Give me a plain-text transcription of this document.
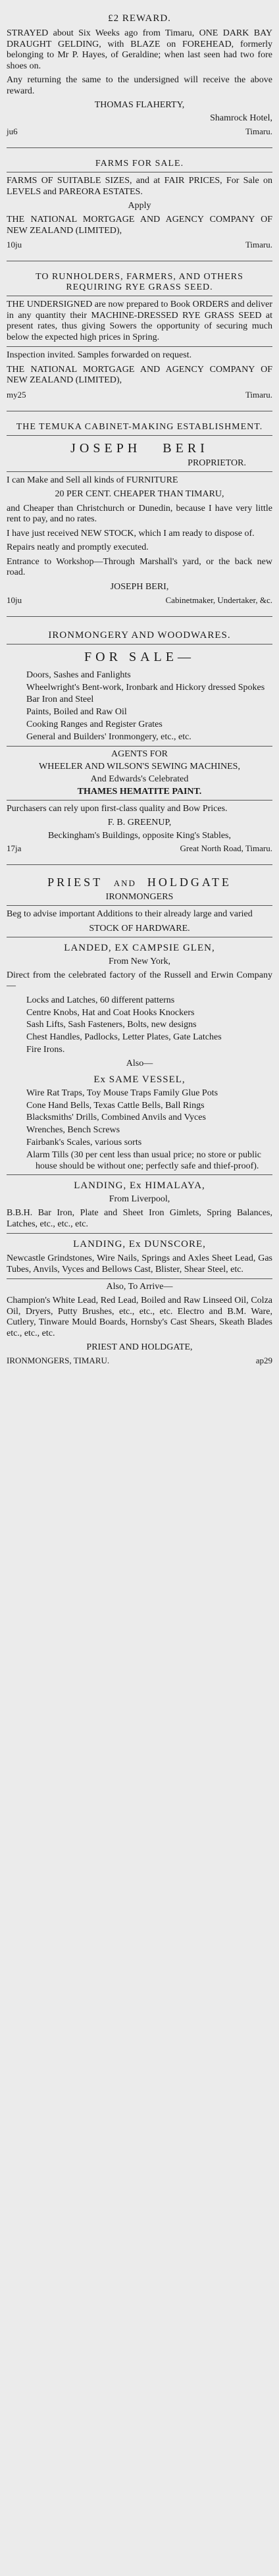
£2 REWARD.

STRAYED about Six Weeks ago from Timaru, ONE DARK BAY DRAUGHT GELDING, with BLAZE on FOREHEAD, formerly belonging to Mr P. Hayes, of Geraldine; when last seen had two fore shoes on.

Any returning the same to the undersigned will receive the above reward.

THOMAS FLAHERTY,
Shamrock Hotel,
ju6	Timaru.
FARMS FOR SALE.

FARMS OF SUITABLE SIZES, and at FAIR PRICES, For Sale on LEVELS and PAREORA ESTATES.

Apply

THE NATIONAL MORTGAGE AND AGENCY COMPANY OF NEW ZEALAND (LIMITED),

10ju	Timaru.
TO RUNHOLDERS, FARMERS, AND OTHERS REQUIRING RYE GRASS SEED.

THE UNDERSIGNED are now prepared to Book ORDERS and deliver in any quantity their MACHINE-DRESSED RYE GRASS SEED at present rates, thus giving Sowers the opportunity of securing much below the expected high prices in Spring.

Inspection invited. Samples forwarded on request.

THE NATIONAL MORTGAGE AND AGENCY COMPANY OF NEW ZEALAND (LIMITED),

my25	Timaru.
THE TEMUKA CABINET-MAKING ESTABLISHMENT.
JOSEPH BERI
PROPRIETOR.

I can Make and Sell all kinds of FURNITURE

20 PER CENT. CHEAPER THAN TIMARU,

and Cheaper than Christchurch or Dunedin, because I have very little rent to pay, and no rates.

I have just received NEW STOCK, which I am ready to dispose of.

Repairs neatly and promptly executed.

Entrance to Workshop—Through Marshall's yard, or the back new road.

JOSEPH BERI,
10ju	Cabinetmaker, Undertaker, &c.
IRONMONGERY AND WOODWARES.
FOR SALE—
Doors, Sashes and Fanlights
Wheelwright's Bent-work, Ironbark and Hickory dressed Spokes
Bar Iron and Steel
Paints, Boiled and Raw Oil
Cooking Ranges and Register Grates
General and Builders' Ironmongery, etc., etc.
AGENTS FOR
WHEELER AND WILSON'S SEWING MACHINES,
And Edwards's Celebrated
THAMES HEMATITE PAINT.

Purchasers can rely upon first-class quality and Bow Prices.

F. B. GREENUP,
Beckingham's Buildings, opposite King's Stables,
17ja	Great North Road, Timaru.
PRIEST AND HOLDGATE
IRONMONGERS

Beg to advise important Additions to their already large and varied

STOCK OF HARDWARE.
LANDED, EX CAMPSIE GLEN,
From New York,

Direct from the celebrated factory of the Russell and Erwin Company—

Locks and Latches, 60 different patterns
Centre Knobs, Hat and Coat Hooks Knockers
Sash Lifts, Sash Fasteners, Bolts, new designs
Chest Handles, Padlocks, Letter Plates, Gate Latches
Fire Irons.
Also—
Ex SAME VESSEL,
Wire Rat Traps, Toy Mouse Traps Family Glue Pots
Cone Hand Bells, Texas Cattle Bells, Ball Rings
Blacksmiths' Drills, Combined Anvils and Vyces
Wrenches, Bench Screws
Fairbank's Scales, various sorts
Alarm Tills (30 per cent less than usual price; no store or public house should be without one; perfectly safe and thief-proof).
LANDING, Ex HIMALAYA,
From Liverpool,

B.B.H. Bar Iron, Plate and Sheet Iron Gimlets, Spring Balances, Latches, etc., etc., etc.

LANDING, Ex DUNSCORE,

Newcastle Grindstones, Wire Nails, Springs and Axles Sheet Lead, Gas Tubes, Anvils, Vyces and Bellows Cast, Blister, Shear Steel, etc.

Also, To Arrive—

Champion's White Lead, Red Lead, Boiled and Raw Linseed Oil, Colza Oil, Dryers, Putty Brushes, etc., etc., etc. Electro and B.M. Ware, Cutlery, Tinware Mould Boards, Hornsby's Cast Shears, Skeath Blades etc., etc., etc.

PRIEST AND HOLDGATE,
IRONMONGERS, TIMARU.	ap29
